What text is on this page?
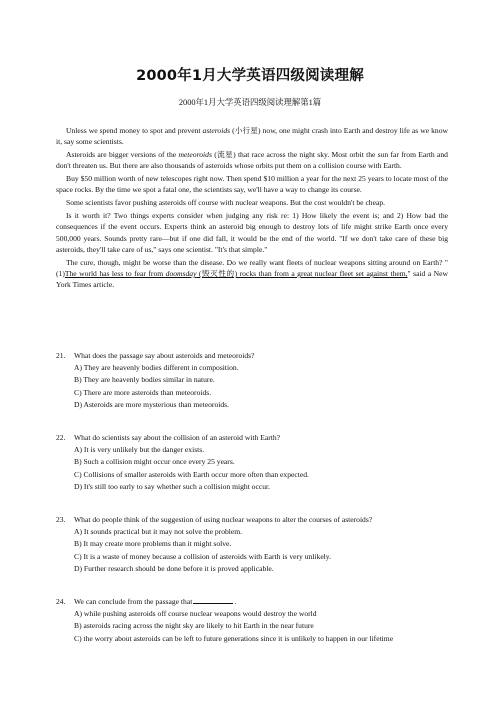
2000年1月大学英语四级阅读理解
2000年1月大学英语四级阅读理解第1篇

Unless we spend money to spot and prevent asteroids (小行星) now, one might crash into Earth and destroy life as we know it, say some scientists.

Asteroids are bigger versions of the meteoroids (流星) that race across the night sky. Most orbit the sun far from Earth and don't threaten us. But there are also thousands of asteroids whose orbits put them on a collision course with Earth.

Buy $50 million worth of new telescopes right now. Then spend $10 million a year for the next 25 years to locate most of the space rocks. By the time we spot a fatal one, the scientists say, we'll have a way to change its course.

Some scientists favor pushing asteroids off course with nuclear weapons. But the cost wouldn't be cheap.

Is it worth it? Two things experts consider when judging any risk re: 1) How likely the event is; and 2) How bad the consequences if the event occurs. Experts think an asteroid big enough to destroy lots of life might strike Earth once every 500,000 years. Sounds pretty rare—but if one did fall, it would be the end of the world. "If we don't take care of these big asteroids, they'll take care of us," says one scientist. "It's that simple."

The cure, though, might be worse than the disease. Do we really want fleets of nuclear weapons sitting around on Earth? "(1)The world has less to fear from doomsday (毁灭性的) rocks than from a great nuclear fleet set against them," said a New York Times article.

21. What does the passage say about asteroids and meteoroids?
A) They are heavenly bodies different in composition.
B) They are heavenly bodies similar in nature.
C) There are more asteroids than meteoroids.
D) Asteroids are more mysterious than meteoroids.
22. What do scientists say about the collision of an asteroid with Earth?
A) It is very unlikely but the danger exists.
B) Such a collision might occur once every 25 years.
C) Collisions of smaller asteroids with Earth occur more often than expected.
D) It's still too early to say whether such a collision might occur.
23. What do people think of the suggestion of using nuclear weapons to alter the courses of asteroids?
A) It sounds practical but it may not solve the problem.
B) It may create more problems than it might solve.
C) It is a waste of money because a collision of asteroids with Earth is very unlikely.
D) Further research should be done before it is proved applicable.
24. We can conclude from the passage that	.
A) while pushing asteroids off course nuclear weapons would destroy the world
B) asteroids racing across the night sky are likely to hit Earth in the near future
C) the worry about asteroids can be left to future generations since it is unlikely to happen in our lifetime
